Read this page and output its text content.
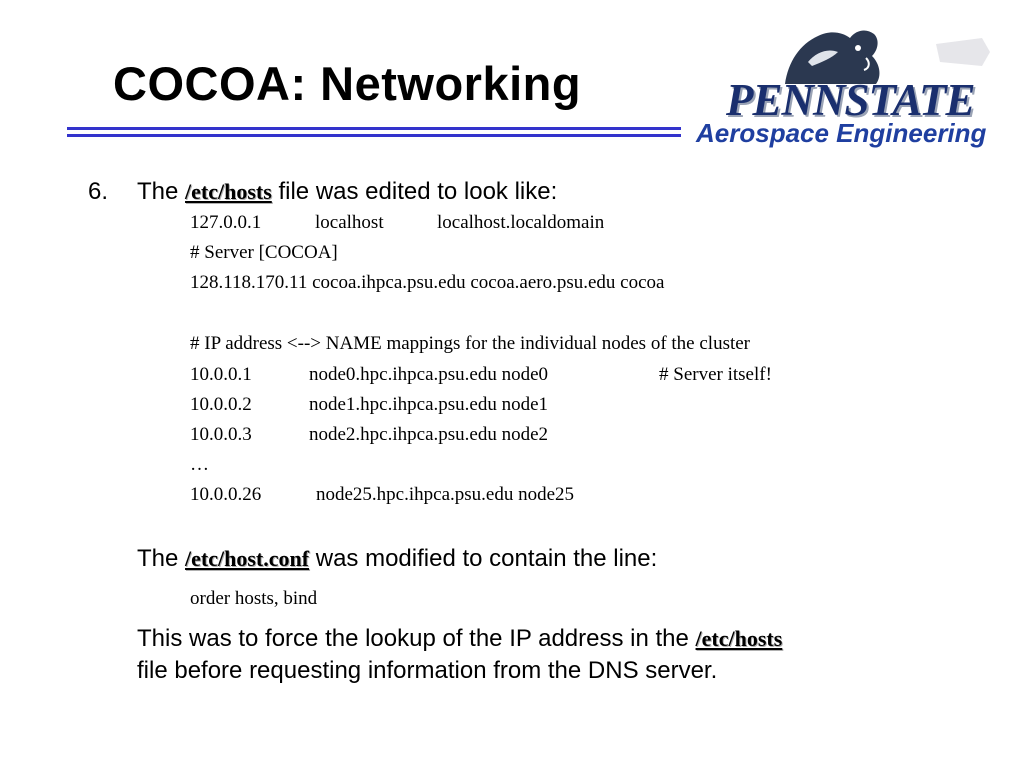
COCOA: Networking	PENNSTATE
Aerospace Engineering
6. The /etc/hosts file was edited to look like:
127.0.0.1	localhost	localhost.localdomain
# Server [COCOA]
128.118.170.11 cocoa.ihpca.psu.edu cocoa.aero.psu.edu cocoa
# IP address <--> NAME mappings for the individual nodes of the cluster
10.0.0.1	node0.hpc.ihpca.psu.edu node0	# Server itself!
10.0.0.2	node1.hpc.ihpca.psu.edu node1
10.0.0.3	node2.hpc.ihpca.psu.edu node2
…
10.0.0.26	node25.hpc.ihpca.psu.edu node25
The /etc/host.conf was modified to contain the line:
order hosts, bind
This was to force the lookup of the IP address in the /etc/hosts
file before requesting information from the DNS server.
